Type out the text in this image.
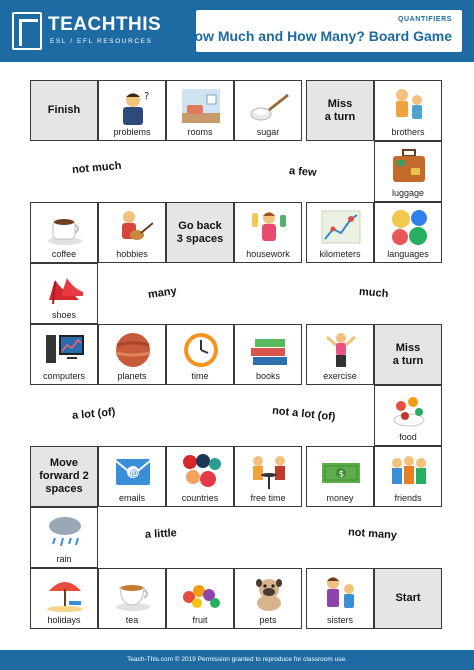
TEACHTHIS
ESL / EFL RESOURCES
QUANTIFIERS
How Much and How Many? Board Game
Finish
?
problems	rooms	sugar
Miss
a turn
brothers
luggage
not much	a few
coffee	hobbies
Go back
3 spaces
housework	kilometers	languages
shoes
many	much
computers	planets	time	books	exercise
Miss
a turn
food
a lot (of)	not a lot (of)
Move
forward 2
spaces
@
emails	countries	free time
$
money	friends
rain
a little	not many
holidays	tea	fruit	pets	sisters
Start
Teach-This.com © 2019 Permission granted to reproduce for classroom use.
